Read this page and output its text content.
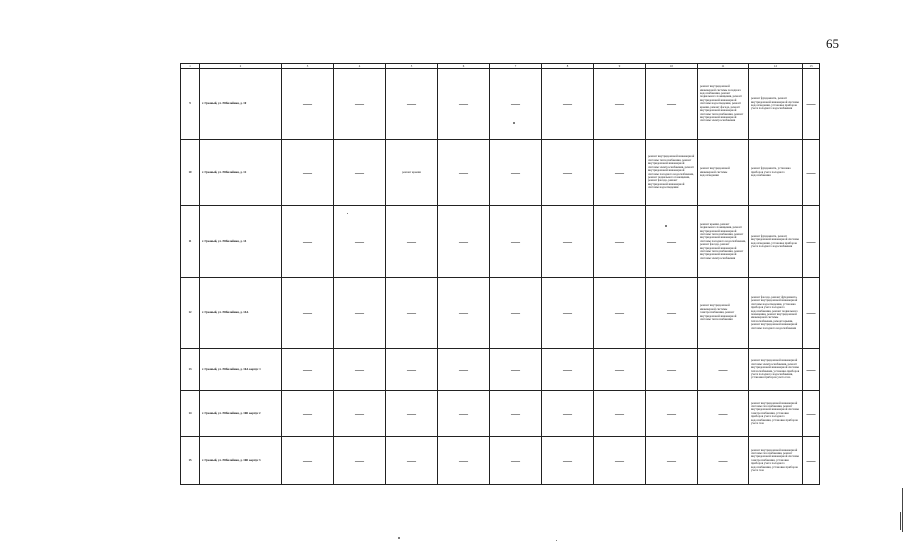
65
1	2	3	4	5	6	7	8	9	10	11	12	13
9	г. Грозный, ул. Юбилейная, д. 10	—	—	—	—	—	—	—	—	ремонт внутридомовой инженерной системы холодного водоснабжения, ремонт подвального помещения, ремонт внутридомовой инженерной системы водоотведения, ремонт крыши, ремонт фасада, ремонт внутридомовой инженерной системы теплоснабжения, ремонт внутридомовой инженерной системы электроснабжения	ремонт фундамента, ремонт внутридомовой инженерной системы водоотведения, установка приборов учета холодного водоснабжения	—
10	г. Грозный, ул. Юбилейная, д. 12	—	—	ремонт крыши	—	—	—	—	ремонт внутридомовой инженерной системы теплоснабжения, ремонт внутридомовой инженерной системы электроснабжения, ремонт внутридомовой инженерной системы холодного водоснабжения, ремонт подвального помещения, ремонт фасада, ремонт внутридомовой инженерной системы водоотведения	ремонт внутридомовой инженерной системы водоотведения	ремонт фундамента, установка приборов учета холодного водоснабжения	—
11	г. Грозный, ул. Юбилейная, д. 14	—	—	—	—	—	—	—	—	ремонт крыши, ремонт подвального помещения, ремонт внутридомовой инженерной системы теплоснабжения, ремонт внутридомовой инженерной системы холодного водоснабжения, ремонт фасада, ремонт внутридомовой инженерной системы теплоснабжения, ремонт внутридомовой инженерной системы электроснабжения	ремонт фундамента, ремонт внутридомовой инженерной системы водоотведения, установка приборов учета холодного водоснабжения	—
12	г. Грозный, ул. Юбилейная, д. 14А	—	—	—	—	—	—	—	—	ремонт внутридомовой инженерной системы электроснабжения, ремонт внутридомовой инженерной системы теплоснабжения	ремонт фасада, ремонт фундамента, ремонт внутридомовой инженерной системы водоотведения, установка приборов учета холодного водоснабжения, ремонт подвального помещения, ремонт внутридомовой инженерной системы теплоснабжения, ремонт крыши, ремонт внутридомовой инженерной системы холодного водоснабжения	—
13	г. Грозный, ул. Юбилейная, д. 16А корпус 1	—	—	—	—	—	—	—	—	—	ремонт внутридомовой инженерной системы электроснабжения, ремонт внутридомовой инженерной системы теплоснабжения, установка приборов учета холодного водоснабжения, установка приборов учета газа	—
14	г. Грозный, ул. Юбилейная, д. 16Б корпус 2	—	—	—	—	—	—	—	—	—	ремонт внутридомовой инженерной системы газоснабжения, ремонт внутридомовой инженерной системы электроснабжения, установка приборов учета холодного водоснабжения, установка приборов учета газа	—
15	г. Грозный, ул. Юбилейная, д. 16Б корпус 3	—	—	—	—	—	—	—	—	—	ремонт внутридомовой инженерной системы газоснабжения, ремонт внутридомовой инженерной системы электроснабжения, установка приборов учета холодного водоснабжения, установка приборов учета газа	—
